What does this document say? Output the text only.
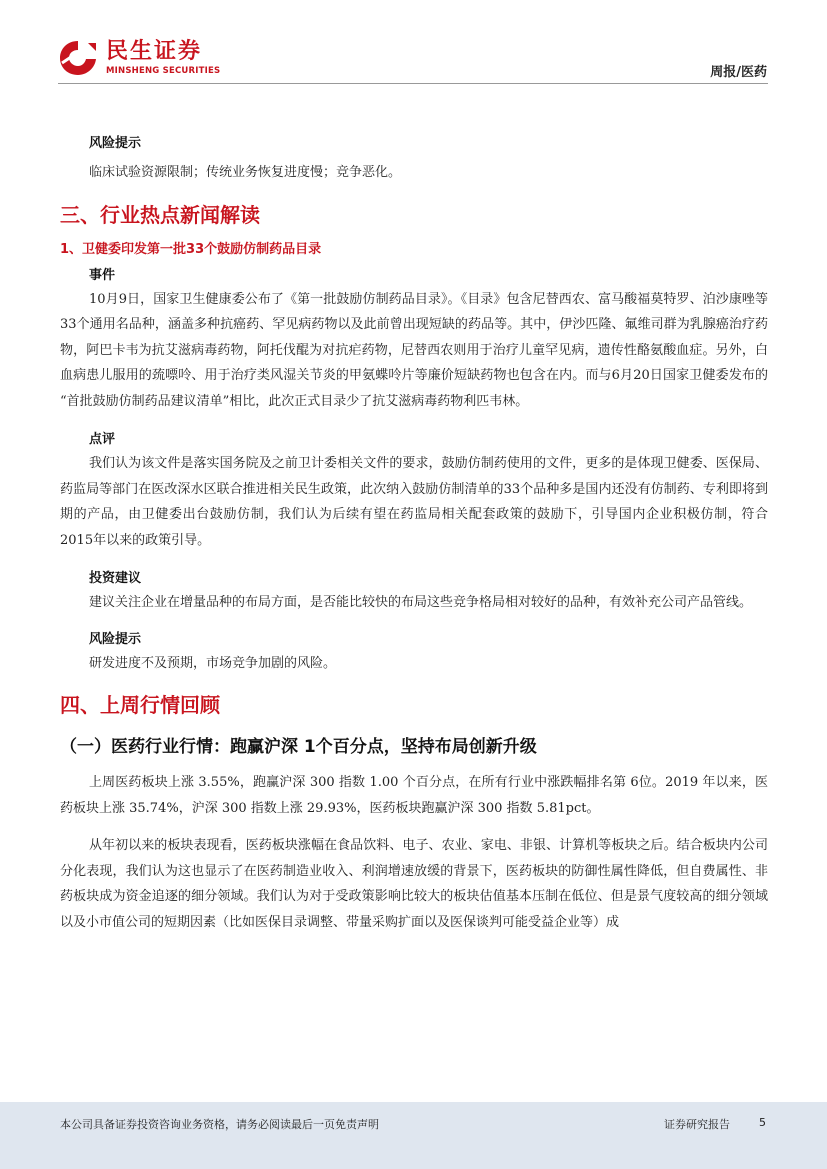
民生证券
MINSHENG SECURITIES	周报/医药

风险提示

临床试验资源限制；传统业务恢复进度慢；竞争恶化。

三、行业热点新闻解读

1、卫健委印发第一批33个鼓励仿制药品目录

事件

10月9日，国家卫生健康委公布了《第一批鼓励仿制药品目录》。《目录》包含尼替西农、富马酸福莫特罗、泊沙康唑等33个通用名品种，涵盖多种抗癌药、罕见病药物以及此前曾出现短缺的药品等。其中，伊沙匹隆、氟维司群为乳腺癌治疗药物，阿巴卡韦为抗艾滋病毒药物，阿托伐醌为对抗疟药物，尼替西农则用于治疗儿童罕见病，遗传性酪氨酸血症。另外，白血病患儿服用的巯嘌呤、用于治疗类风湿关节炎的甲氨蝶呤片等廉价短缺药物也包含在内。而与6月20日国家卫健委发布的 “首批鼓励仿制药品建议清单”相比，此次正式目录少了抗艾滋病毒药物利匹韦林。

点评

我们认为该文件是落实国务院及之前卫计委相关文件的要求，鼓励仿制药使用的文件，更多的是体现卫健委、医保局、药监局等部门在医改深水区联合推进相关民生政策，此次纳入鼓励仿制清单的33个品种多是国内还没有仿制药、专利即将到期的产品，由卫健委出台鼓励仿制，我们认为后续有望在药监局相关配套政策的鼓励下，引导国内企业积极仿制，符合 2015年以来的政策引导。

投资建议

建议关注企业在增量品种的布局方面，是否能比较快的布局这些竞争格局相对较好的品种，有效补充公司产品管线。

风险提示

研发进度不及预期，市场竞争加剧的风险。

四、上周行情回顾

（一）医药行业行情：跑赢沪深 1个百分点，坚持布局创新升级

上周医药板块上涨 3.55%，跑赢沪深 300 指数 1.00 个百分点，在所有行业中涨跌幅排名第 6位。2019 年以来，医药板块上涨 35.74%，沪深 300 指数上涨 29.93%，医药板块跑赢沪深 300 指数 5.81pct。

从年初以来的板块表现看，医药板块涨幅在食品饮料、电子、农业、家电、非银、计算机等板块之后。结合板块内公司分化表现，我们认为这也显示了在医药制造业收入、利润增速放缓的背景下，医药板块的防御性属性降低，但自费属性、非药板块成为资金追逐的细分领域。我们认为对于受政策影响比较大的板块估值基本压制在低位、但是景气度较高的细分领域以及小市值公司的短期因素（比如医保目录调整、带量采购扩面以及医保谈判可能受益企业等）成

本公司具备证券投资咨询业务资格，请务必阅读最后一页免责声明	证券研究报告	5
